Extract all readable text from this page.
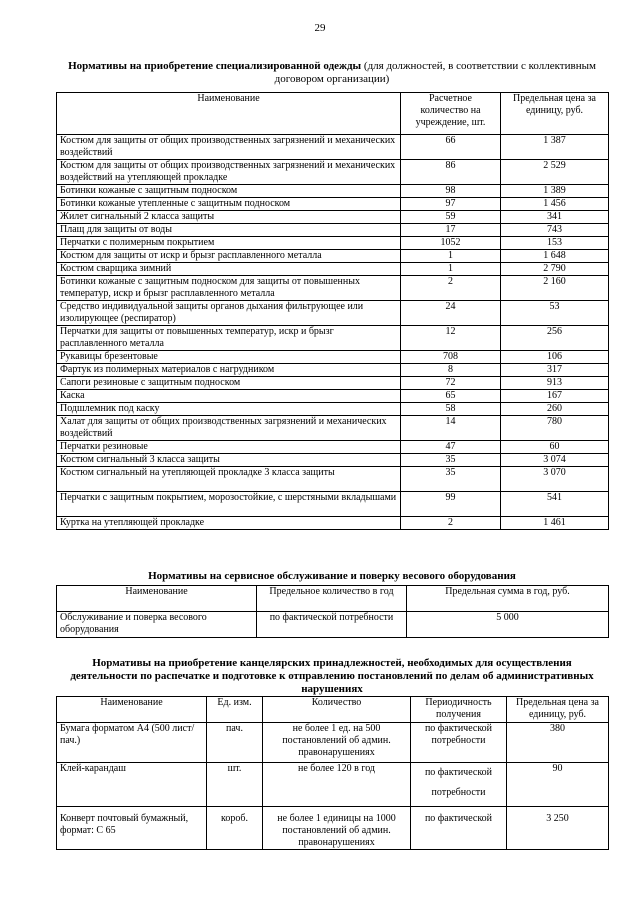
29
Нормативы на приобретение специализированной одежды (для должностей, в соответствии с коллективным договором организации)
Наименование	Расчетное количество на учреждение, шт.	Предельная цена за единицу, руб.
Костюм для защиты от общих производственных загрязнений и механических воздействий	66	1 387
Костюм для защиты от общих производственных загрязнений и механических воздействий на утепляющей прокладке	86	2 529
Ботинки кожаные с защитным подноском	98	1 389
Ботинки кожаные утепленные с защитным подноском	97	1 456
Жилет сигнальный 2 класса защиты	59	341
Плащ для защиты от воды	17	743
Перчатки с полимерным покрытием	1052	153
Костюм для защиты от искр и брызг расплавленного металла	1	1 648
Костюм сварщика зимний	1	2 790
Ботинки кожаные с защитным подноском для защиты от повышенных температур, искр и брызг расплавленного металла	2	2 160
Средство индивидуальной защиты органов дыхания фильтрующее или изолирующее (респиратор)	24	53
Перчатки для защиты от повышенных температур, искр и брызг расплавленного металла	12	256
Рукавицы брезентовые	708	106
Фартук из полимерных материалов с нагрудником	8	317
Сапоги резиновые с защитным подноском	72	913
Каска	65	167
Подшлемник под каску	58	260
Халат для защиты от общих производственных загрязнений и механических воздействий	14	780
Перчатки резиновые	47	60
Костюм сигнальный 3 класса защиты	35	3 074
Костюм сигнальный на утепляющей прокладке 3 класса защиты	35	3 070
Перчатки с защитным покрытием, морозостойкие, с шерстяными вкладышами	99	541
Куртка на утепляющей прокладке	2	1 461
Нормативы на сервисное обслуживание и поверку весового оборудования
Наименование	Предельное количество в год	Предельная сумма в год, руб.
Обслуживание и поверка весового оборудования	по фактической потребности	5 000
Нормативы на приобретение канцелярских принадлежностей, необходимых для осуществления деятельности по распечатке и подготовке к отправлению постановлений по делам об административных нарушениях
Наименование	Ед. изм.	Количество	Периодичность получения	Предельная цена за единицу, руб.
Бумага форматом А4 (500 лист/пач.)	пач.	не более 1 ед. на 500 постановлений об админ. правонарушениях	по фактической потребности	380
Клей-карандаш	шт.	не более 120 в год	по фактической потребности	90
Конверт почтовый бумажный, формат: С 65	короб.	не более 1 единицы на 1000 постановлений об админ. правонарушениях	по фактической	3 250
